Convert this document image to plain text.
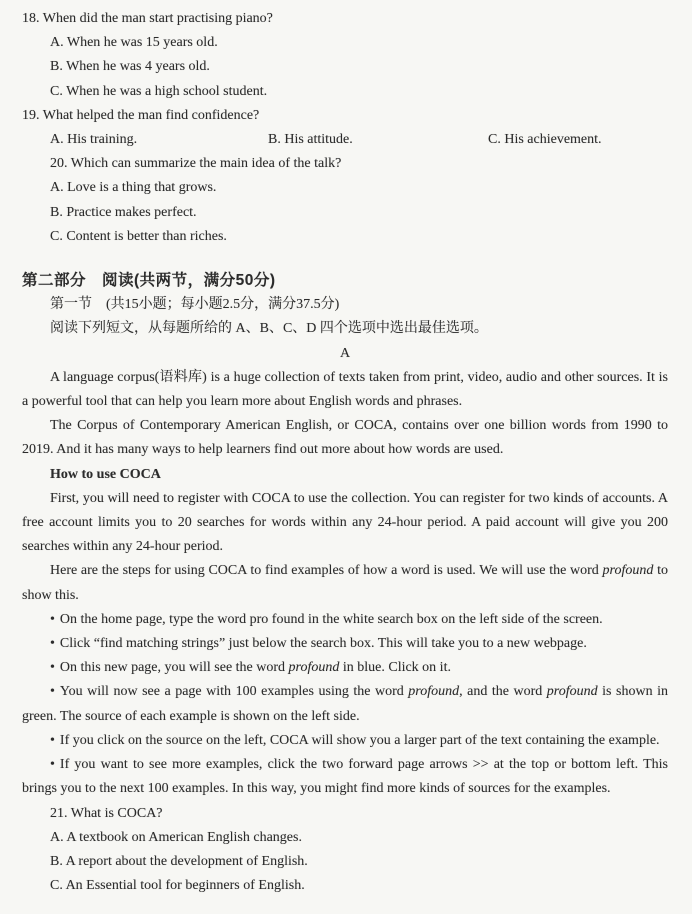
18. When did the man start practising piano?

A. When he was 15 years old.

B. When he was 4 years old.

C. When he was a high school student.

19. What helped the man find confidence?

A. His training.	B. His attitude.	C. His achievement.

20. Which can summarize the main idea of the talk?

A. Love is a thing that grows.

B. Practice makes perfect.

C. Content is better than riches.

第二部分　阅读(共两节，满分50分)

第一节　(共15小题；每小题2.5分，满分37.5分)

阅读下列短文，从每题所给的 A、B、C、D 四个选项中选出最佳选项。

A

A language corpus(语料库) is a huge collection of texts taken from print, video, audio and other sources. It is a powerful tool that can help you learn more about English words and phrases.

The Corpus of Contemporary American English, or COCA, contains over one billion words from 1990 to 2019. And it has many ways to help learners find out more about how words are used.

How to use COCA

First, you will need to register with COCA to use the collection. You can register for two kinds of accounts. A free account limits you to 20 searches for words within any 24-hour period. A paid account will give you 200 searches within any 24-hour period.

Here are the steps for using COCA to find examples of how a word is used. We will use the word profound to show this.

• On the home page, type the word pro found in the white search box on the left side of the screen.

• Click “find matching strings” just below the search box. This will take you to a new webpage.

• On this new page, you will see the word profound in blue. Click on it.

• You will now see a page with 100 examples using the word profound, and the word profound is shown in green. The source of each example is shown on the left side.

• If you click on the source on the left, COCA will show you a larger part of the text containing the example.

• If you want to see more examples, click the two forward page arrows >> at the top or bottom left. This brings you to the next 100 examples. In this way, you might find more kinds of sources for the examples.

21. What is COCA?

A. A textbook on American English changes.

B. A report about the development of English.

C. An Essential tool for beginners of English.
